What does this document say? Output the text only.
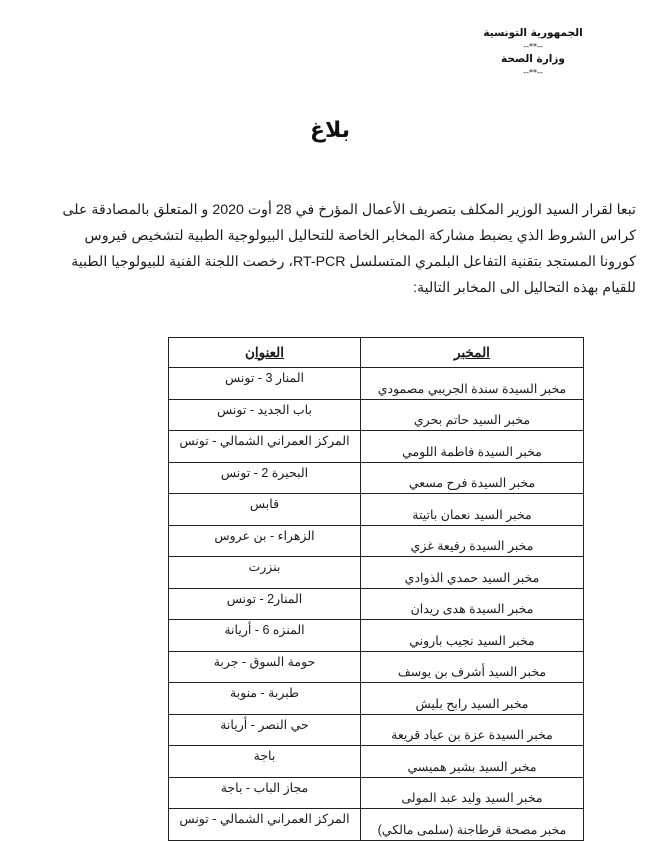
الجمهورية التونسية
--**--
وزارة الصحة
--**--
بلاغ
تبعا لقرار السيد الوزير المكلف بتصريف الأعمال المؤرخ في 28 أوت 2020 و المتعلق بالمصادقة على
كراس الشروط الذي يضبط مشاركة المخابر الخاصة للتحاليل البيولوجية الطبية لتشخيص فيروس
كورونا المستجد بتقنية التفاعل البلمري المتسلسل RT-PCR، رخصت اللجنة الفنية للبيولوجيا الطبية
للقيام بهذه التحاليل الى المخابر التالية:
المخبر	العنوان
مخبر السيدة سندة الجريبي مصمودي	المنار 3 - تونس
مخبر السيد حاتم بحري	باب الجديد - تونس
مخبر السيدة فاطمة اللومي	المركز العمراني الشمالي - تونس
مخبر السيدة فرح مسعي	البحيرة 2 - تونس
مخبر السيد نعمان باتيتة	قابس
مخبر السيدة رفيعة غزي	الزهراء - بن عروس
مخبر السيد حمدي الذوادي	بنزرت
مخبر السيدة هدى ريدان	المنار2 - تونس
مخبر السيد نجيب باروني	المنزه 6 - أريانة
مخبر السيد أشرف بن يوسف	حومة السوق - جربة
مخبر السيد رابح بليش	طبربة - منوبة
مخبر السيدة عزة بن عياد قريعة	حي النصر - أريانة
مخبر السيد بشير هميسي	باجة
مخبر السيد وليد عبد المولى	مجاز الباب - باجة
مخبر مصحة قرطاجنة (سلمى مالكي)	المركز العمراني الشمالي - تونس
